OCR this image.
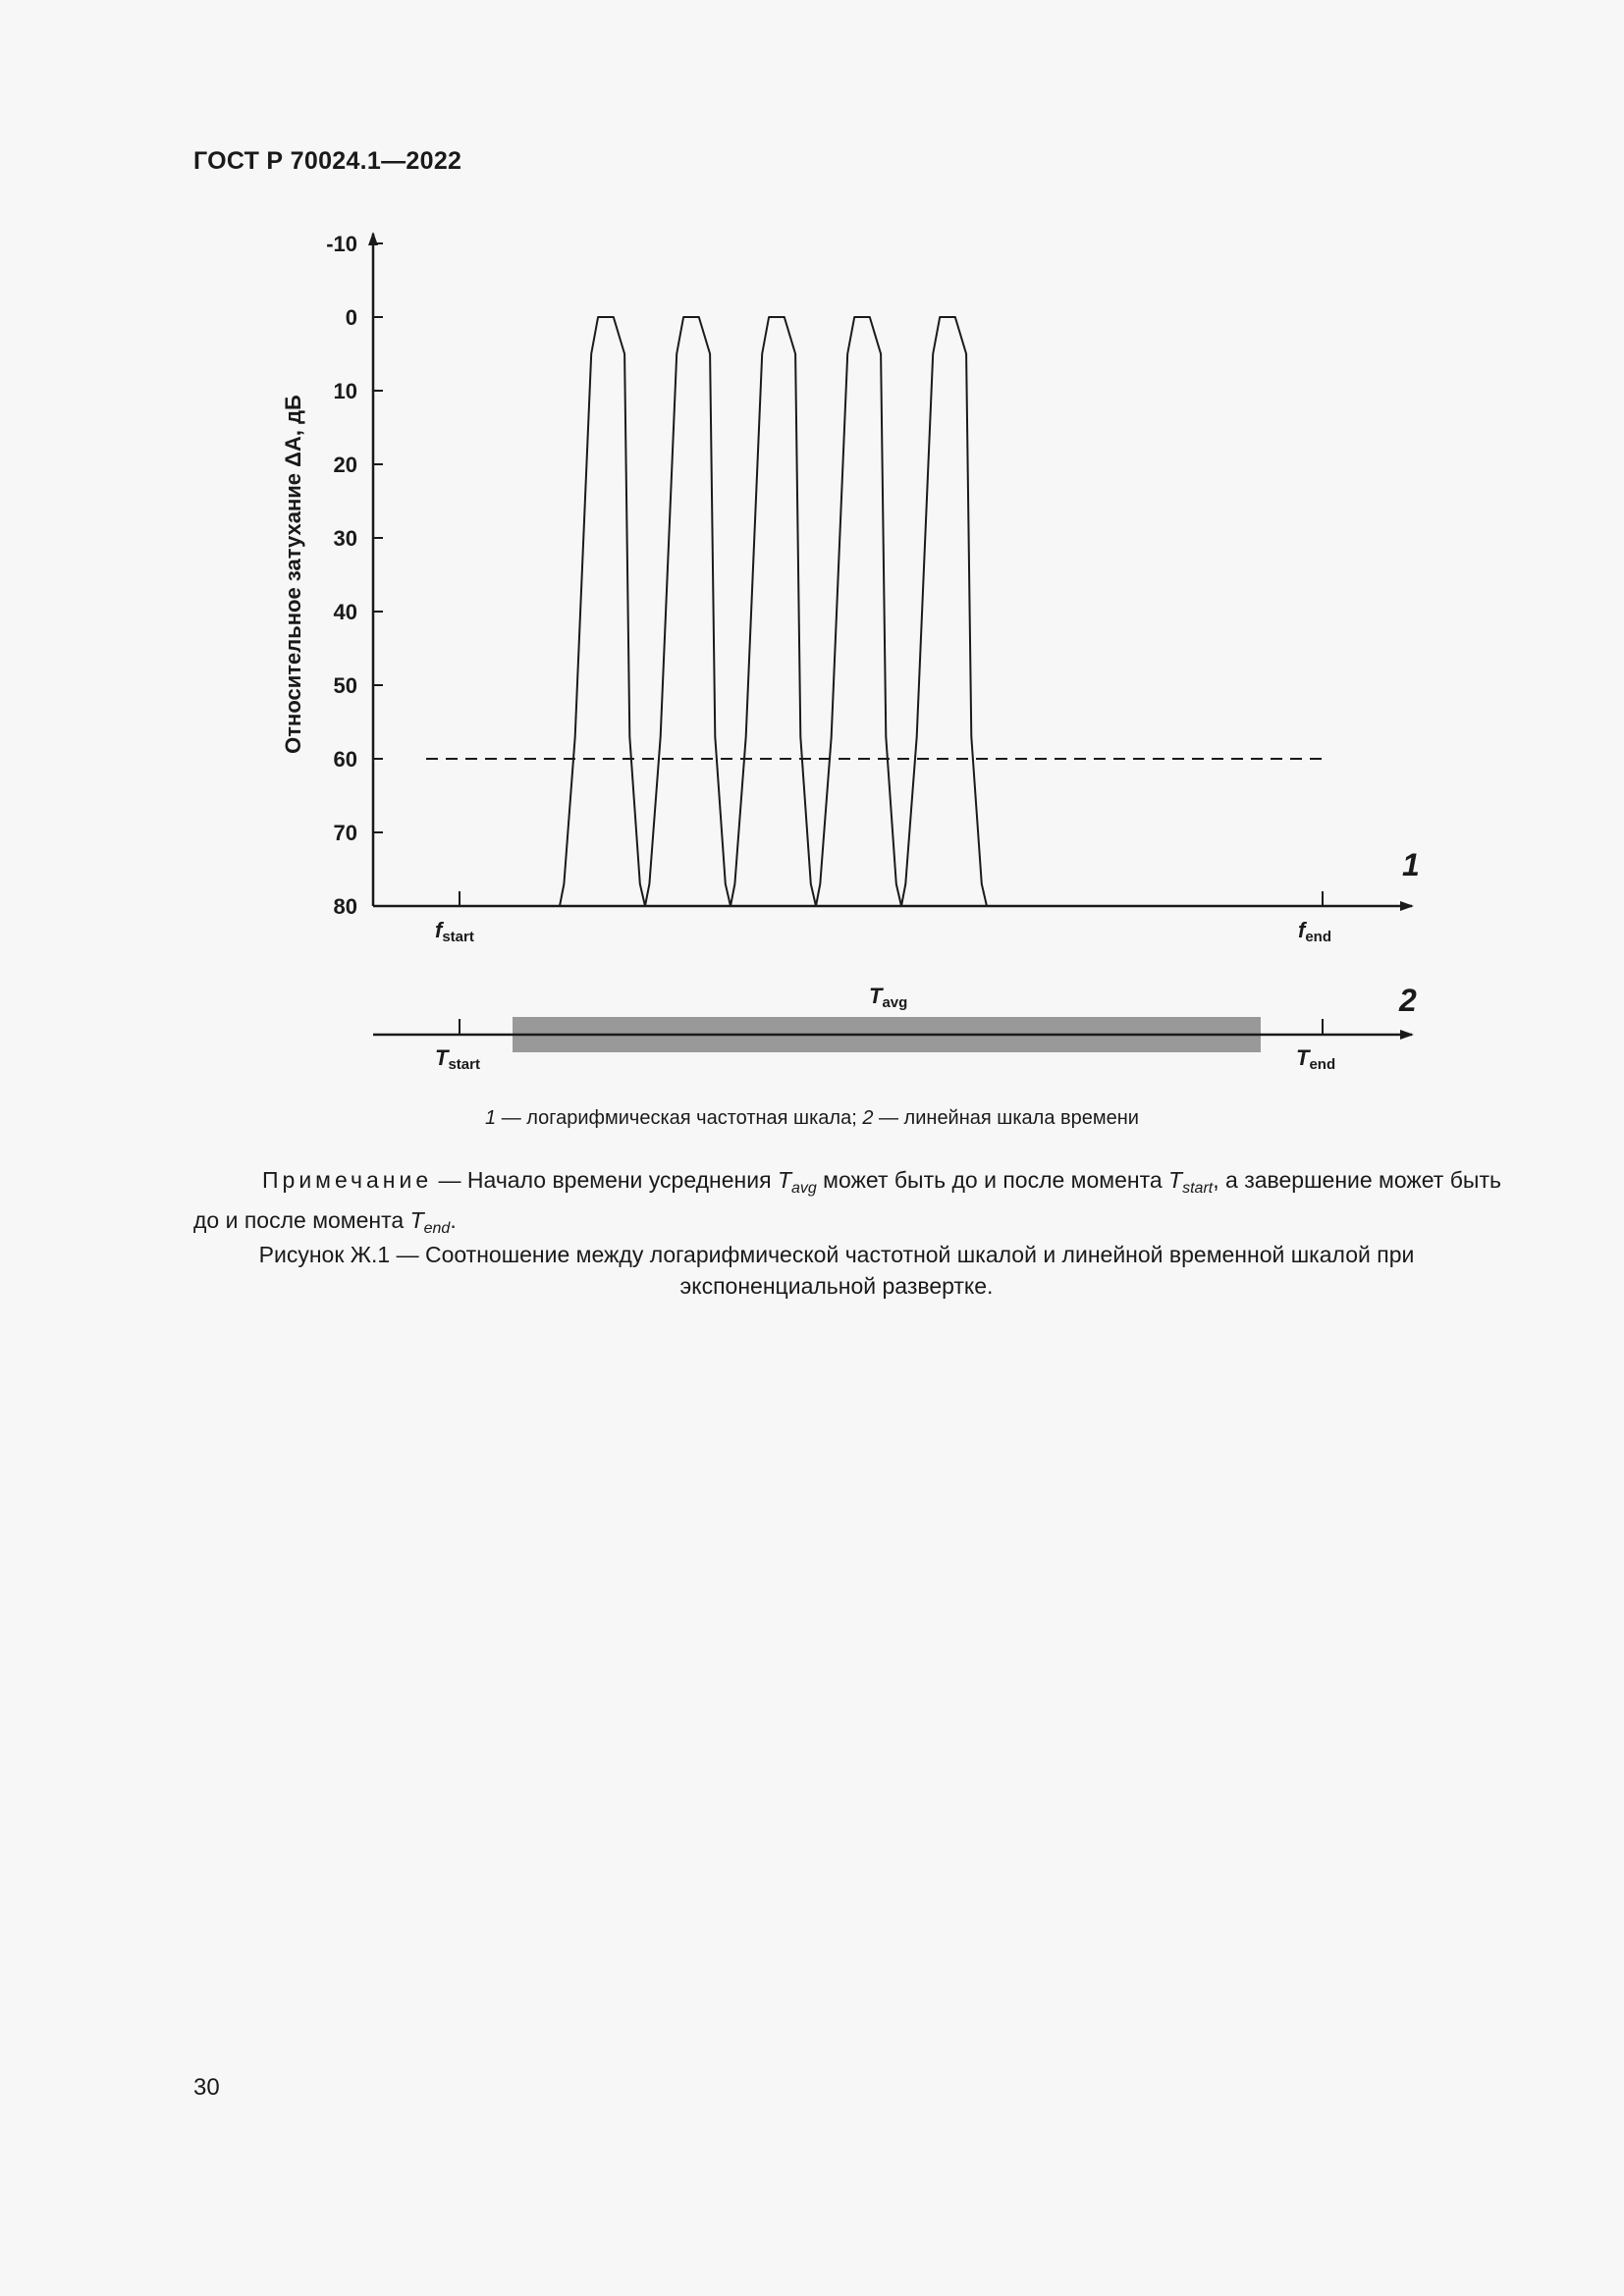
ГОСТ Р 70024.1—2022
-10
0
10
20
30
40
50
60
70
80
Относительное затухание ΔA, дБ
fstart	fend
1
Tavg
Tstart	Tend
2
1 — логарифмическая частотная шкала; 2 — линейная шкала времени
Примечание — Начало времени усреднения $T_{avg}$ может быть до и после момента $T_{start}$, а завершение может быть до и после момента $T_{end}$.
Рисунок Ж.1 — Соотношение между логарифмической частотной шкалой и линейной временной шкалой при экспоненциальной развертке.
30
